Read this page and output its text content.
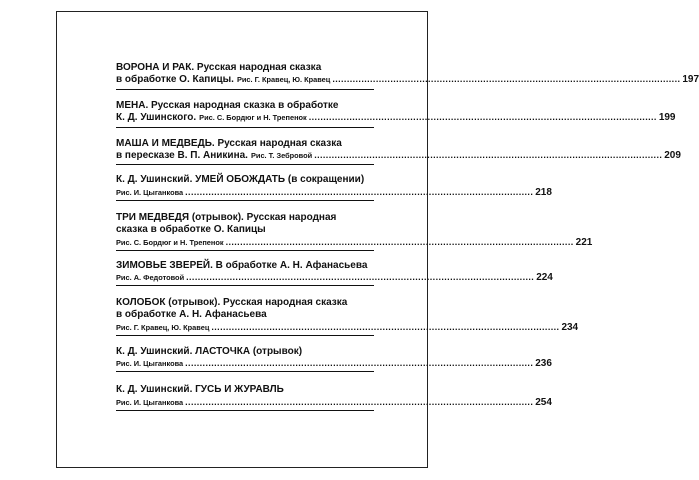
ВОРОНА И РАК. Русская народная сказка
в обработке О. Капицы. Рис. Г. Кравец, Ю. Кравец ........................................................................................................................ 197
МЕНА. Русская народная сказка в обработке
К. Д. Ушинского. Рис. С. Бордюг и Н. Трепенок ........................................................................................................................ 199
МАША И МЕДВЕДЬ. Русская народная сказка
в пересказе В. П. Аникина. Рис. Т. Зебровой ........................................................................................................................ 209
К. Д. Ушинский. УМЕЙ ОБОЖДАТЬ (в сокращении)
Рис. И. Цыганкова ........................................................................................................................ 218
ТРИ МЕДВЕДЯ (отрывок). Русская народная
сказка в обработке О. Капицы
Рис. С. Бордюг и Н. Трепенок ........................................................................................................................ 221
ЗИМОВЬЕ ЗВЕРЕЙ. В обработке А. Н. Афанасьева
Рис. А. Федотовой ........................................................................................................................ 224
КОЛОБОК (отрывок). Русская народная сказка
в обработке А. Н. Афанасьева
Рис. Г. Кравец, Ю. Кравец ........................................................................................................................ 234
К. Д. Ушинский. ЛАСТОЧКА (отрывок)
Рис. И. Цыганкова ........................................................................................................................ 236
К. Д. Ушинский. ГУСЬ И ЖУРАВЛЬ
Рис. И. Цыганкова ........................................................................................................................ 254
